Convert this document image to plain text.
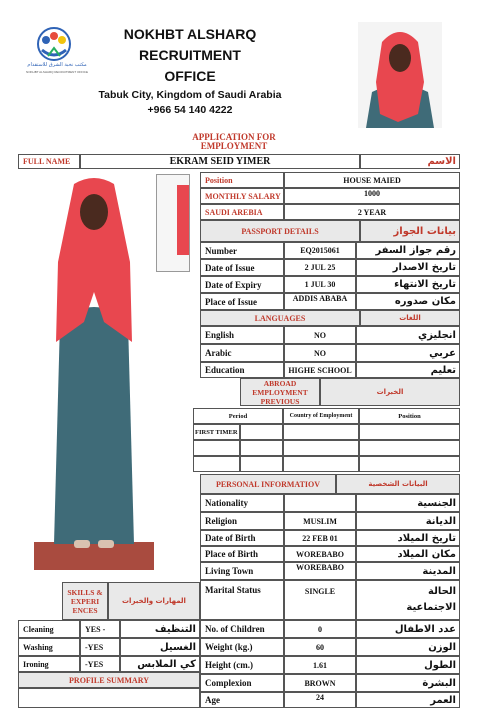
مكتب نخبة الشرق للاستقدام
NOKHBT ALSHARQ RECRUITMENT OFFICE
NOKHBT ALSHARQ
RECRUITMENT
OFFICE
Tabuk City, Kingdom of Saudi Arabia
+966 54 140 4222
APPLICATION FOR EMPLOYMENT
FULL NAME	EKRAM SEID YIMER	الاسم
Position	HOUSE MAIED
MONTHLY SALARY	1000
SAUDI AREBIA	2 YEAR
PASSPORT DETAILS	بيانات الجواز
Number	EQ2015061	رقم جواز السفر
Date of Issue	2 JUL 25	تاريخ الاصدار
Date of Expiry	1 JUL 30	تاريخ الانتهاء
Place of Issue	ADDIS ABABA	مكان صدوره
LANGUAGES	اللغات
English	NO	انجليزي
Arabic	NO	عربي
Education	HIGHE SCHOOL	تعليم
ABROAD EMPLOYMENT PREVIOUS
الخبرات
Period	Country of Employment	Position
FIRST TIMER
PERSONAL INFORMATIOV	البيانات الشخصية
Nationality	الجنسية
Religion	MUSLIM	الديانة
Date of Birth	22 FEB 01	تاريخ الميلاد
Place of Birth	WOREBABO	مكان الميلاد
Living Town	WOREBABO	المدينة
Marital Status	SINGLE	الحالة الاجتماعية
No. of Children	0	عدد الاطفال
Weight (kg.)	60	الوزن
Height (cm.)	1.61	الطول
Complexion	BROWN	البشرة
Age	24	العمر
SKILLS & EXPERI ENCES
المهارات والخبرات
Cleaning	YES -	التنظيف
Washing	-YES	الغسيل
Ironing	-YES	كي الملابس
PROFILE SUMMARY
